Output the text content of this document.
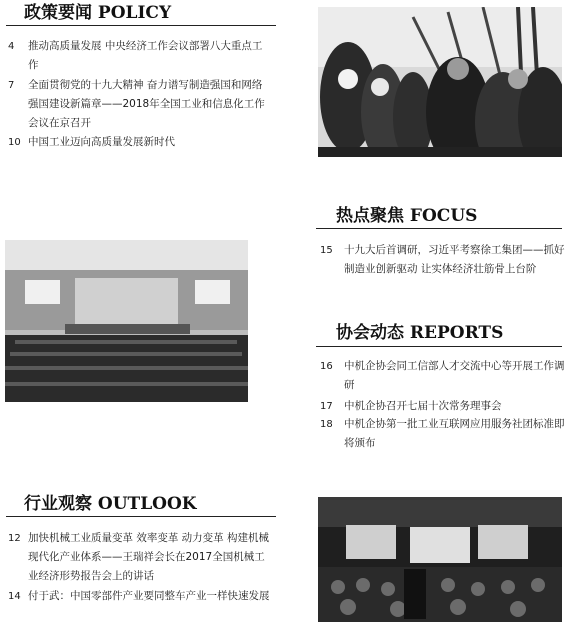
政策要闻 POLICY
4	推动高质量发展 中央经济工作会议部署八大重点工作
7	全面贯彻党的十九大精神 奋力谱写制造强国和网络强国建设新篇章——2018年全国工业和信息化工作会议在京召开
10 中国工业迈向高质量发展新时代
热点聚焦 FOCUS
15	十九大后首调研，习近平考察徐工集团——抓好制造业创新驱动 让实体经济壮筋骨上台阶
协会动态 REPORTS
16	中机企协会同工信部人才交流中心等开展工作调研
17	中机企协召开七届十次常务理事会
18	中机企协第一批工业互联网应用服务社团标准即将颁布
行业观察 OUTLOOK
12 加快机械工业质量变革 效率变革 动力变革 构建机械现代化产业体系——王瑞祥会长在2017全国机械工业经济形势报告会上的讲话
14 付于武：中国零部件产业要同整车产业一样快速发展
